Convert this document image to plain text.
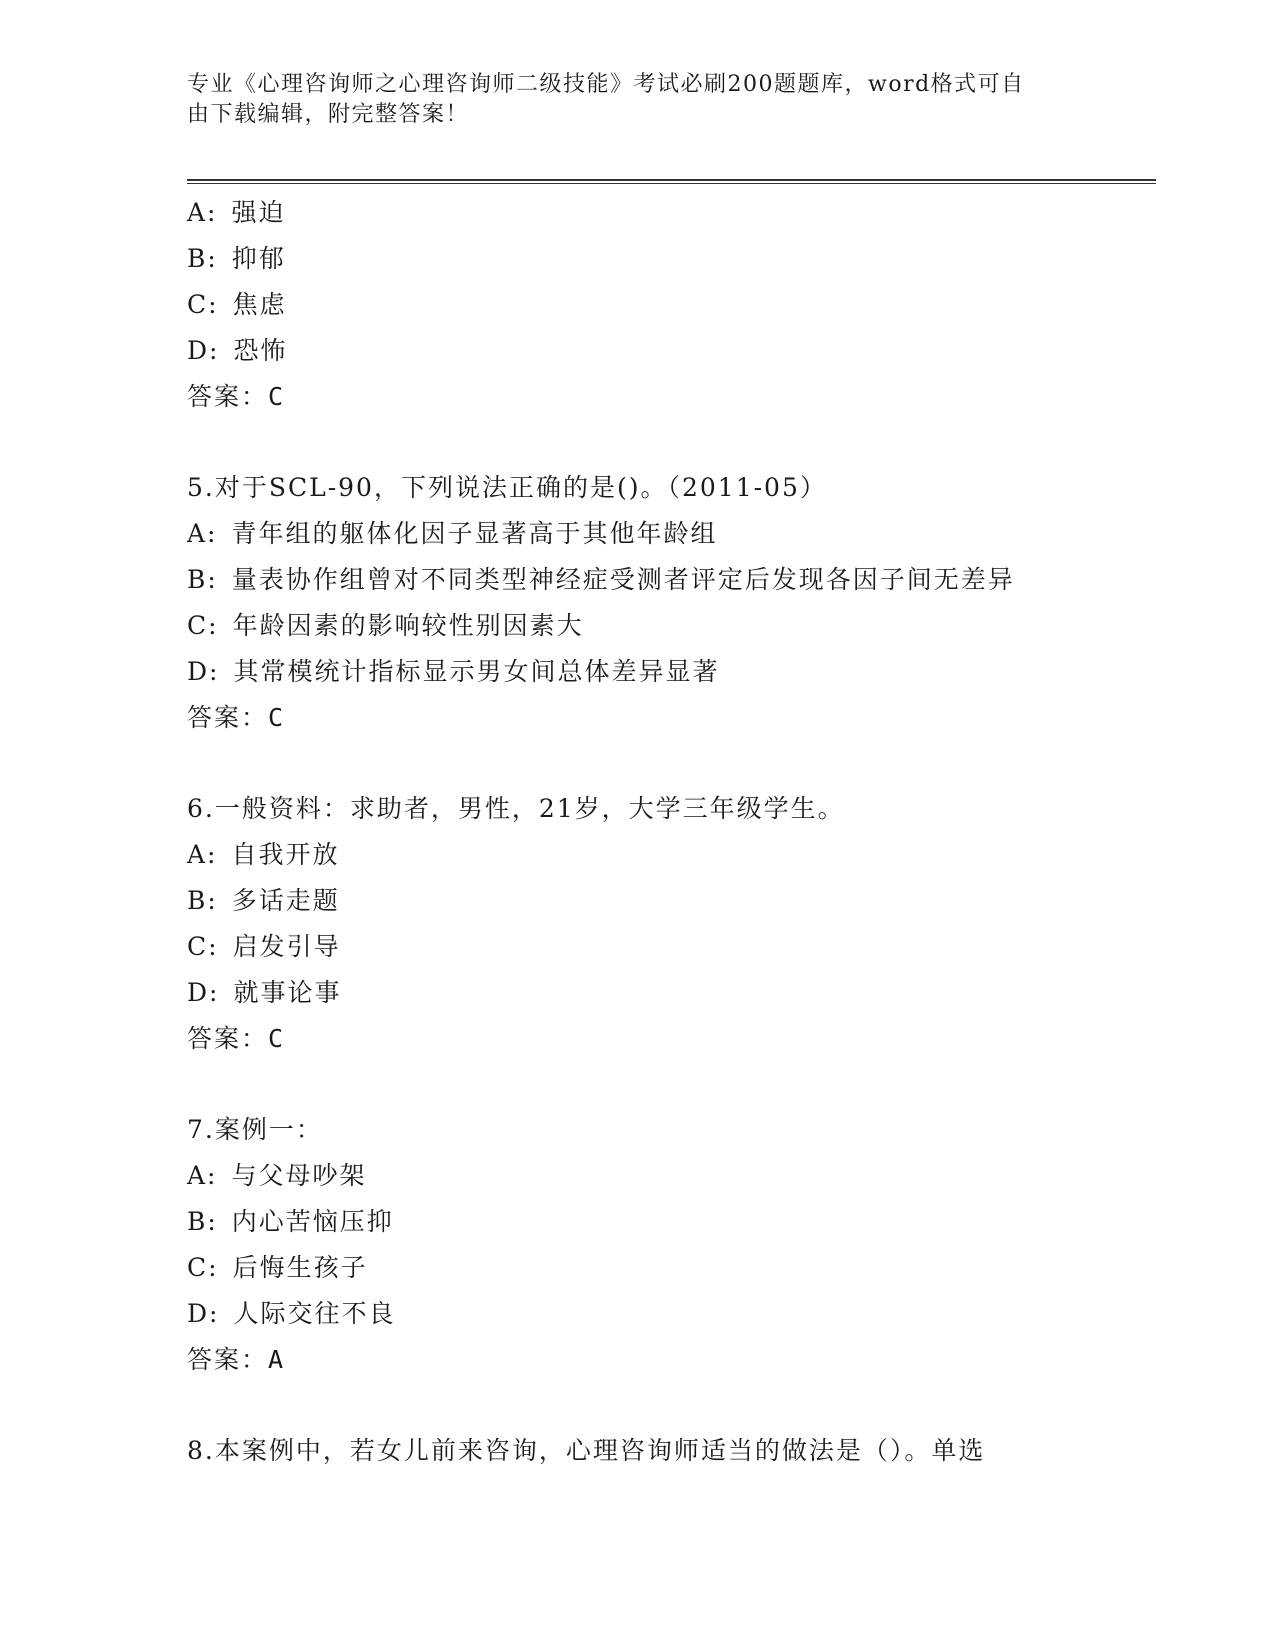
专业《心理咨询师之心理咨询师二级技能》考试必刷200题题库，word格式可自
由下载编辑，附完整答案！
A: 强迫
B: 抑郁
C: 焦虑
D: 恐怖
答案：C
5.对于SCL-90，下列说法正确的是()。（2011-05）
A: 青年组的躯体化因子显著高于其他年龄组
B: 量表协作组曾对不同类型神经症受测者评定后发现各因子间无差异
C: 年龄因素的影响较性别因素大
D: 其常模统计指标显示男女间总体差异显著
答案：C
6.一般资料：求助者，男性，21岁，大学三年级学生。
A: 自我开放
B: 多话走题
C: 启发引导
D: 就事论事
答案：C
7.案例一：
A: 与父母吵架
B: 内心苦恼压抑
C: 后悔生孩子
D: 人际交往不良
答案：A
8.本案例中，若女儿前来咨询，心理咨询师适当的做法是（）。单选
